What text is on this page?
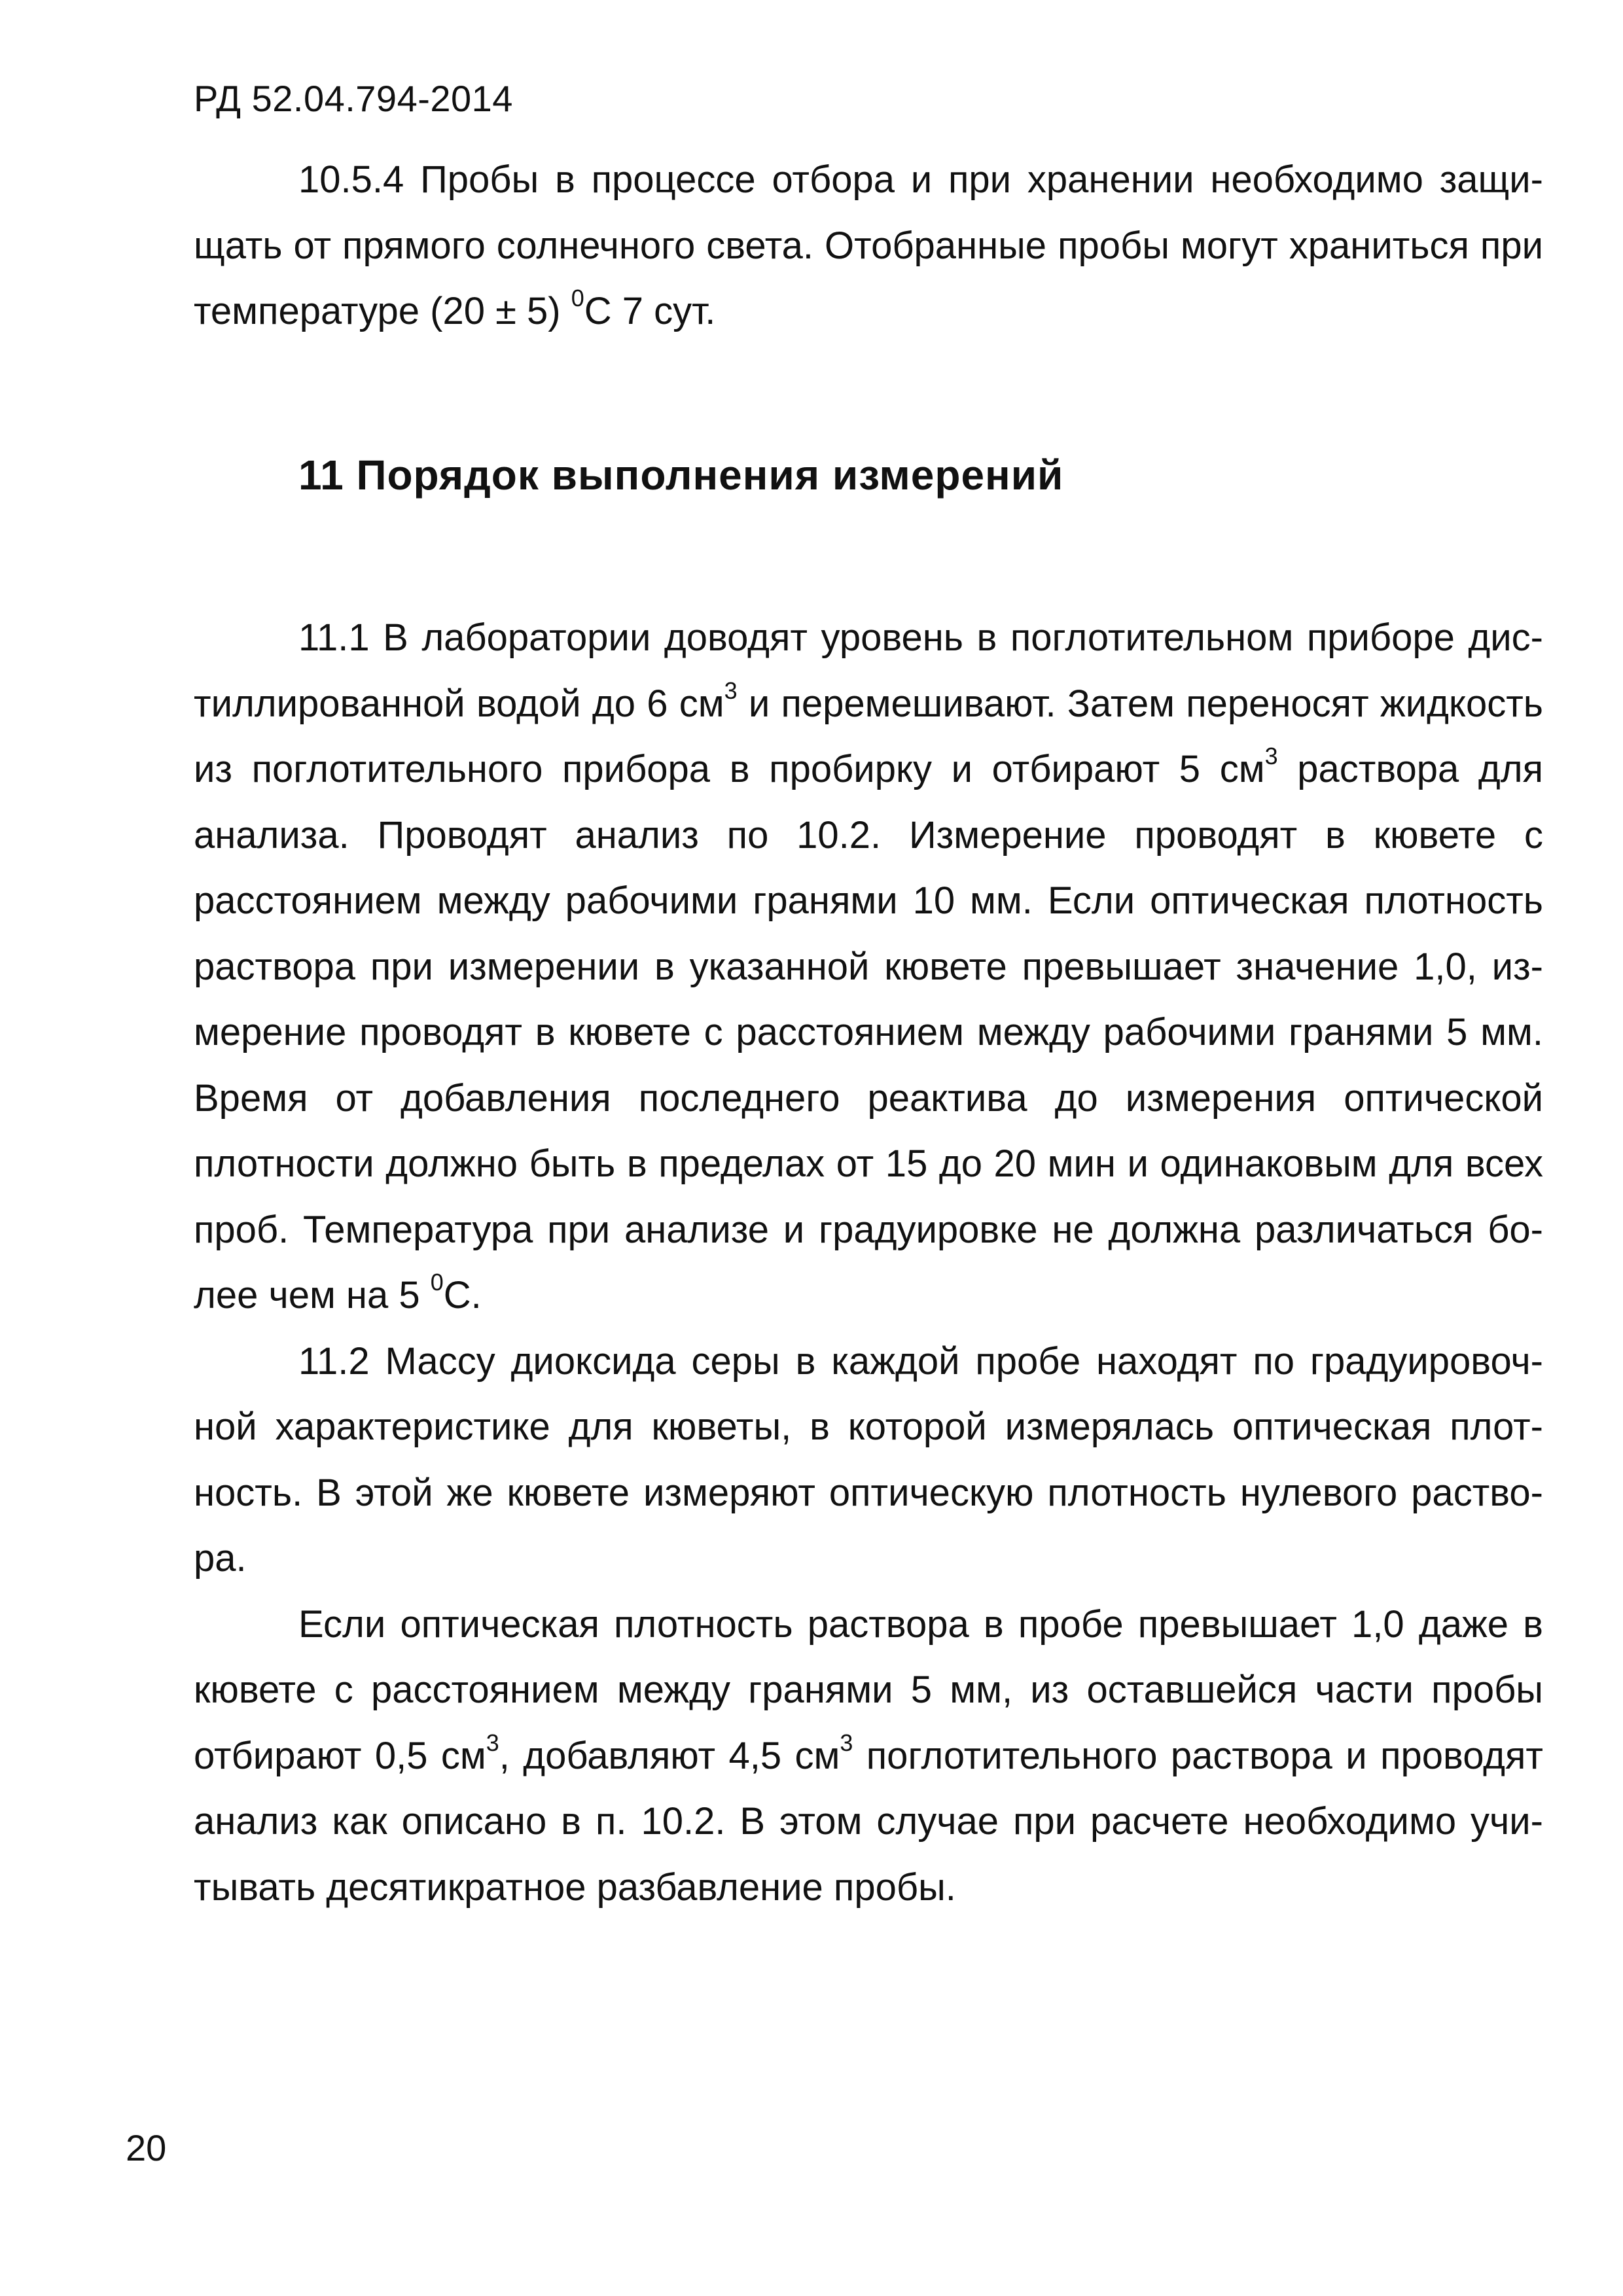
РД 52.04.794-2014

10.5.4 Пробы в процессе отбора и при хранении необходимо защищать от прямого солнечного света. Отобранные пробы могут храниться при температуре (20 ± 5) $^0$С 7 сут.

11 Порядок выполнения измерений

11.1 В лаборатории доводят уровень в поглотительном приборе дистиллированной водой до 6 $см^3$ и перемешивают. Затем переносят жидкость из поглотительного прибора в пробирку и отбирают 5 $см^3$ раствора для анализа. Проводят анализ по 10.2. Измерение проводят в кювете с расстоянием между рабочими гранями 10 мм. Если оптическая плотность раствора при измерении в указанной кювете превышает значение 1,0, измерение проводят в кювете с расстоянием между рабочими гранями 5 мм. Время от добавления последнего реактива до измерения оптической плотности должно быть в пределах от 15 до 20 мин и одинаковым для всех проб. Температура при анализе и градуировке не должна различаться более чем на 5 $^0$С.

11.2 Массу диоксида серы в каждой пробе находят по градуировочной характеристике для кюветы, в которой измерялась оптическая плотность. В этой же кювете измеряют оптическую плотность нулевого раствора.

Если оптическая плотность раствора в пробе превышает 1,0 даже в кювете с расстоянием между гранями 5 мм, из оставшейся части пробы отбирают 0,5 $см^3$, добавляют 4,5 $см^3$ поглотительного раствора и проводят анализ как описано в п. 10.2. В этом случае при расчете необходимо учитывать десятикратное разбавление пробы.

20
